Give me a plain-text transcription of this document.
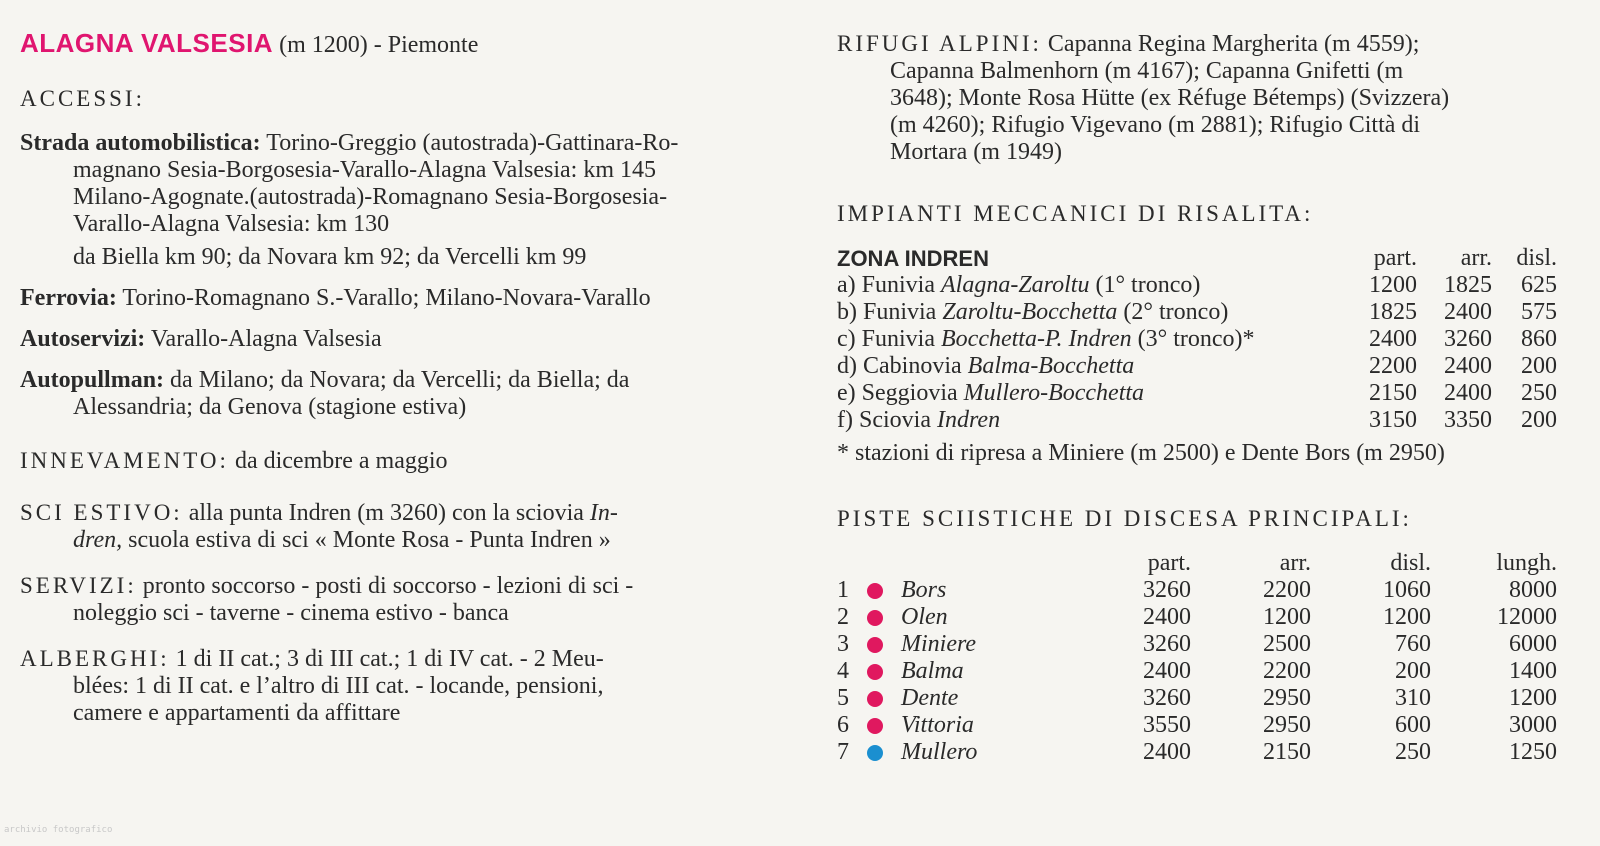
ALAGNA VALSESIA (m 1200) - Piemonte
ACCESSI:
Strada automobilistica: Torino-Greggio (autostrada)-Gattinara-Ro-
magnano Sesia-Borgosesia-Varallo-Alagna Valsesia: km 145
Milano-Agognate.(autostrada)-Romagnano Sesia-Borgosesia-
Varallo-Alagna Valsesia: km 130
da Biella km 90; da Novara km 92; da Vercelli km 99
Ferrovia: Torino-Romagnano S.-Varallo; Milano-Novara-Varallo
Autoservizi: Varallo-Alagna Valsesia
Autopullman: da Milano; da Novara; da Vercelli; da Biella; da
Alessandria; da Genova (stagione estiva)
INNEVAMENTO: da dicembre a maggio
SCI ESTIVO: alla punta Indren (m 3260) con la sciovia In-
dren, scuola estiva di sci « Monte Rosa - Punta Indren »
SERVIZI: pronto soccorso - posti di soccorso - lezioni di sci -
noleggio sci - taverne - cinema estivo - banca
ALBERGHI: 1 di II cat.; 3 di III cat.; 1 di IV cat. - 2 Meu-
blées: 1 di II cat. e l’altro di III cat. - locande, pensioni,
camere e appartamenti da affittare
RIFUGI ALPINI: Capanna Regina Margherita (m 4559);
Capanna Balmenhorn (m 4167); Capanna Gnifetti (m
3648); Monte Rosa Hütte (ex Réfuge Bétemps) (Svizzera)
(m 4260); Rifugio Vigevano (m 2881); Rifugio Città di
Mortara (m 1949)
IMPIANTI MECCANICI DI RISALITA:
ZONA INDREN	part.	arr.	disl.
a) Funivia Alagna-Zaroltu (1° tronco)	1200	1825	625
b) Funivia Zaroltu-Bocchetta (2° tronco)	1825	2400	575
c) Funivia Bocchetta-P. Indren (3° tronco)*	2400	3260	860
d) Cabinovia Balma-Bocchetta	2200	2400	200
e) Seggiovia Mullero-Bocchetta	2150	2400	250
f) Sciovia Indren	3150	3350	200
* stazioni di ripresa a Miniere (m 2500) e Dente Bors (m 2950)
PISTE SCIISTICHE DI DISCESA PRINCIPALI:
			part.	arr.	disl.	lungh.
1		Bors	3260	2200	1060	8000
2		Olen	2400	1200	1200	12000
3		Miniere	3260	2500	760	6000
4		Balma	2400	2200	200	1400
5		Dente	3260	2950	310	1200
6		Vittoria	3550	2950	600	3000
7		Mullero	2400	2150	250	1250
archivio fotografico
